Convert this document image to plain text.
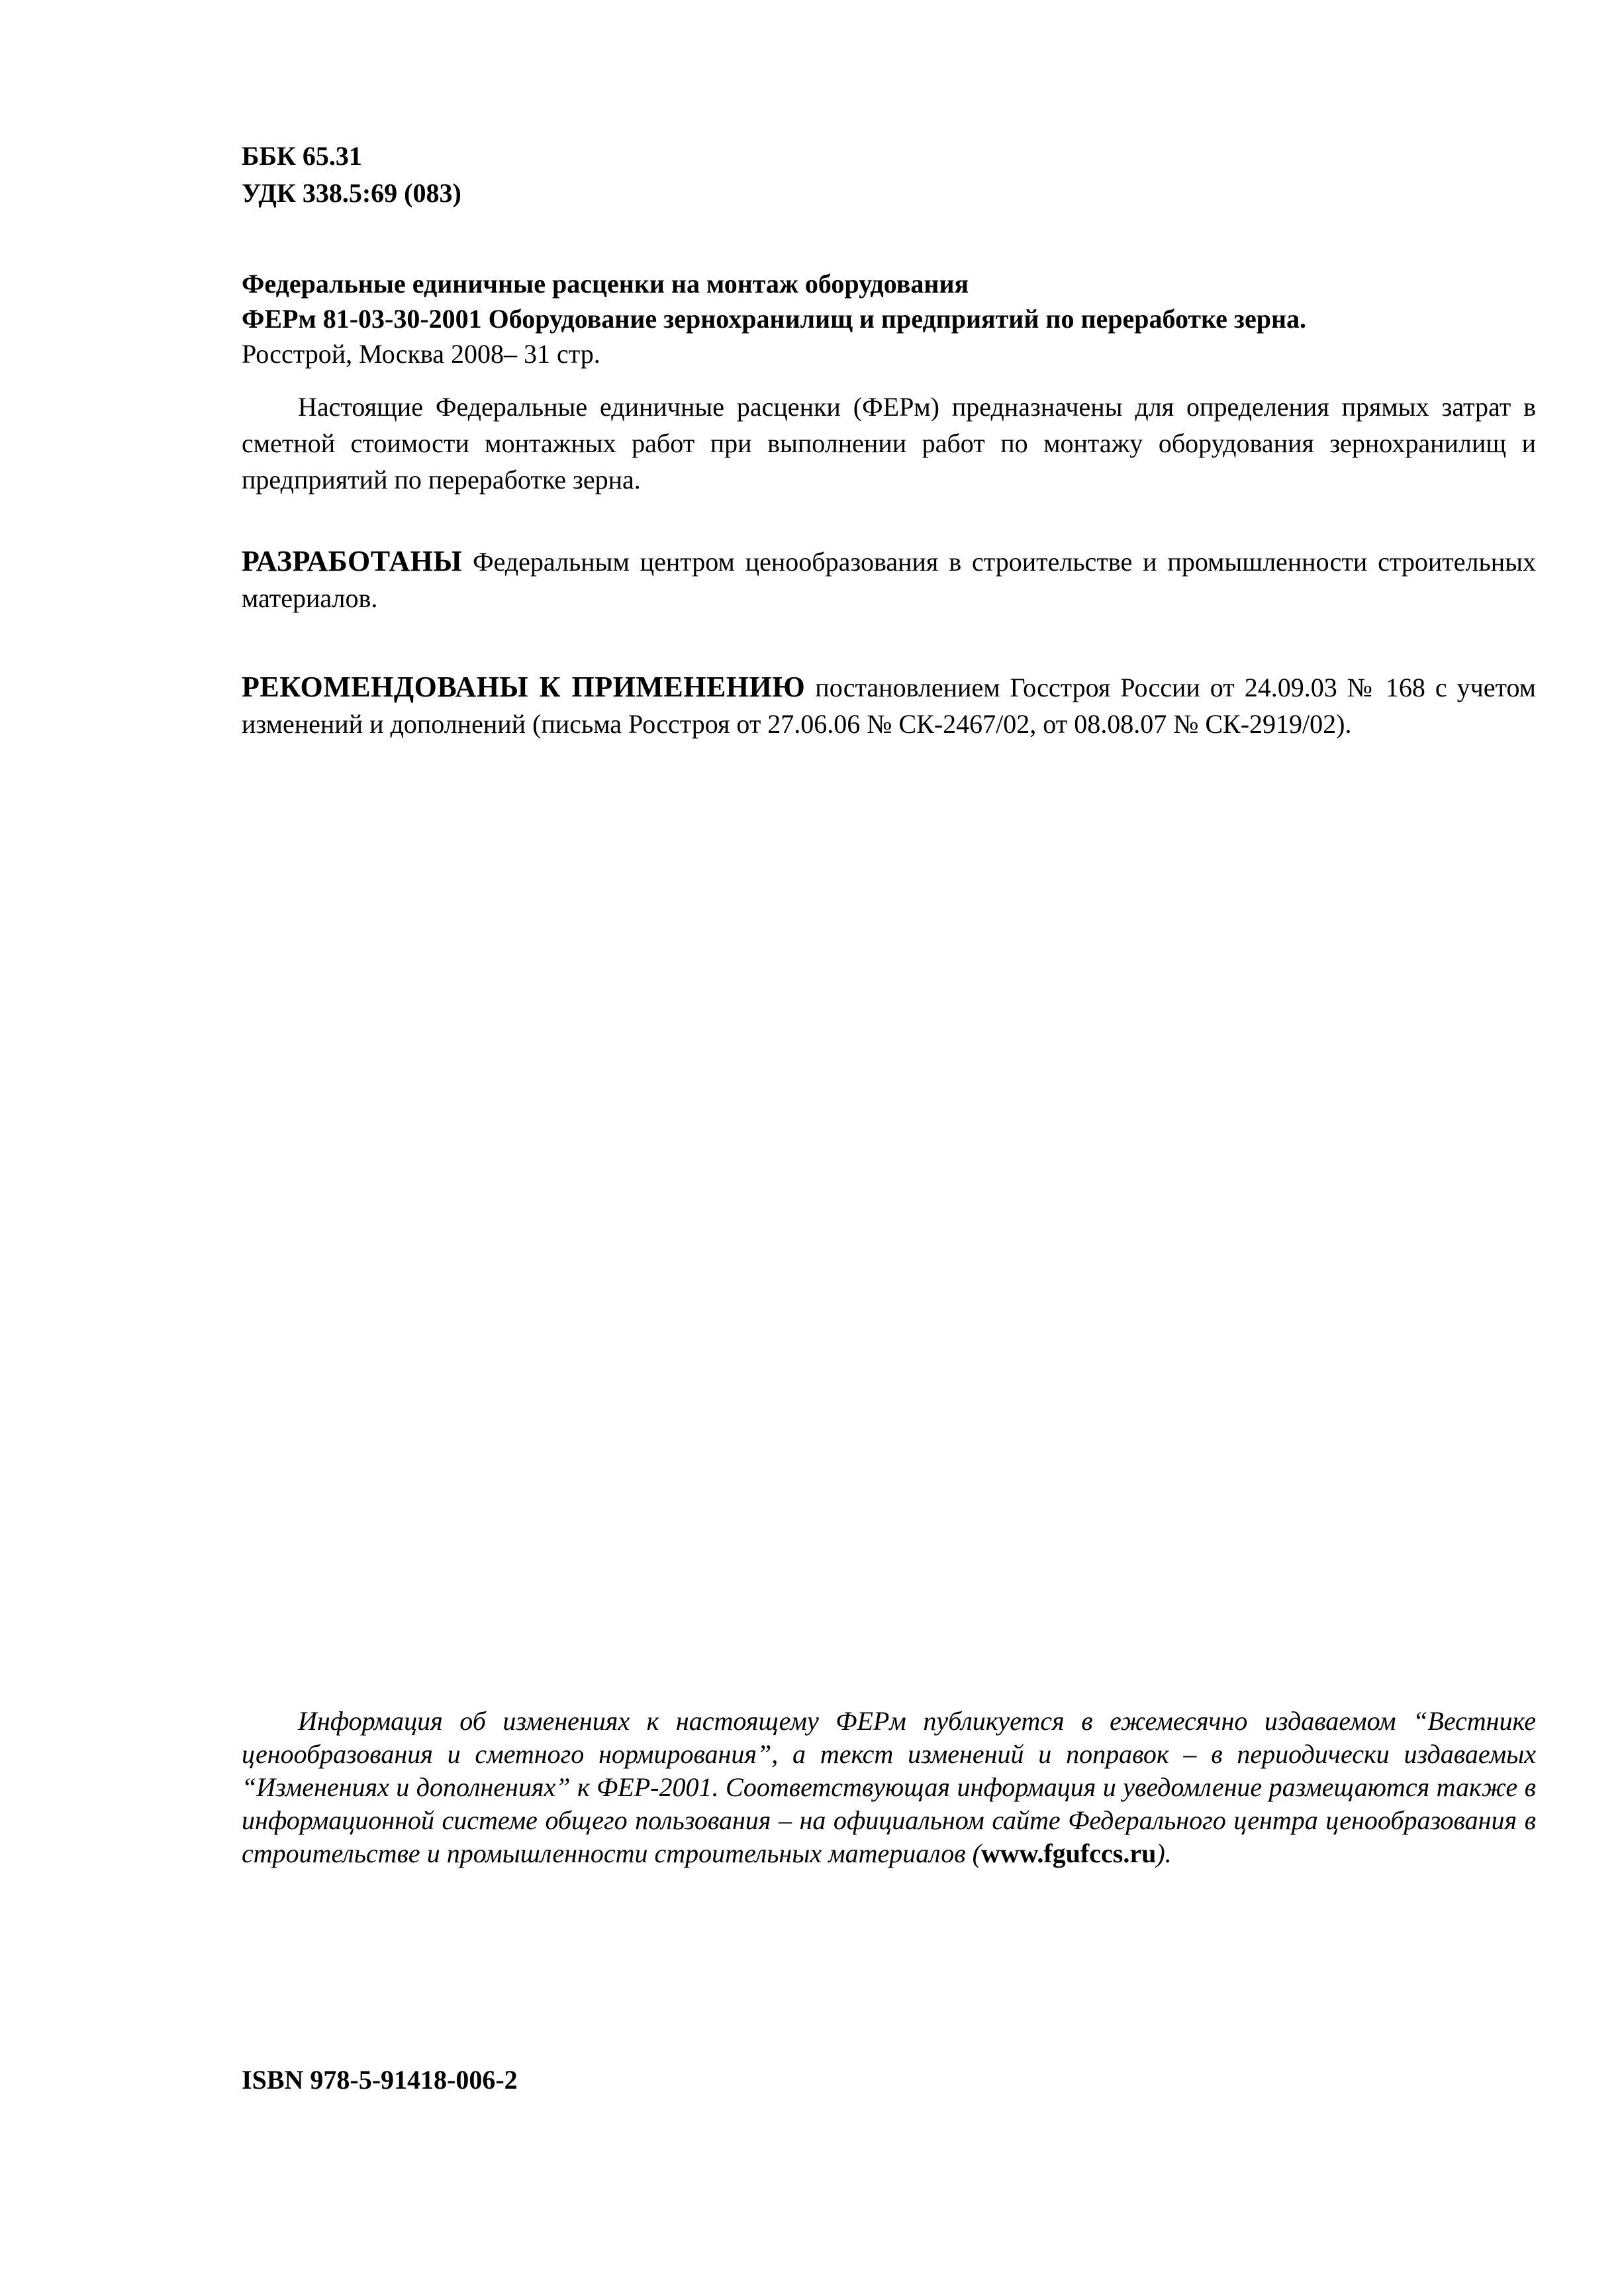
ББК 65.31
УДК 338.5:69 (083)
Федеральные единичные расценки на монтаж оборудования
ФЕРм 81-03-30-2001 Оборудование зернохранилищ и предприятий по переработке зерна.
Росстрой, Москва 2008– 31 стр.
Настоящие Федеральные единичные расценки (ФЕРм) предназначены для определения прямых затрат в сметной стоимости монтажных работ при выполнении работ по монтажу оборудования зернохранилищ и предприятий по переработке зерна.
РАЗРАБОТАНЫ Федеральным центром ценообразования в строительстве и промышленности строительных материалов.
РЕКОМЕНДОВАНЫ К ПРИМЕНЕНИЮ постановлением Госстроя России от 24.09.03 № 168 с учетом изменений и дополнений (письма Росстроя от 27.06.06 № СК-2467/02, от 08.08.07 № СК-2919/02).
Информация об изменениях к настоящему ФЕРм публикуется в ежемесячно издаваемом “Вестнике ценообразования и сметного нормирования”, а текст изменений и поправок – в периодически издаваемых “Изменениях и дополнениях” к ФЕР-2001. Соответствующая информация и уведомление размещаются также в информационной системе общего пользования – на официальном сайте Федерального центра ценообразования в строительстве и промышленности строительных материалов (www.fgufccs.ru).
ISBN 978-5-91418-006-2
